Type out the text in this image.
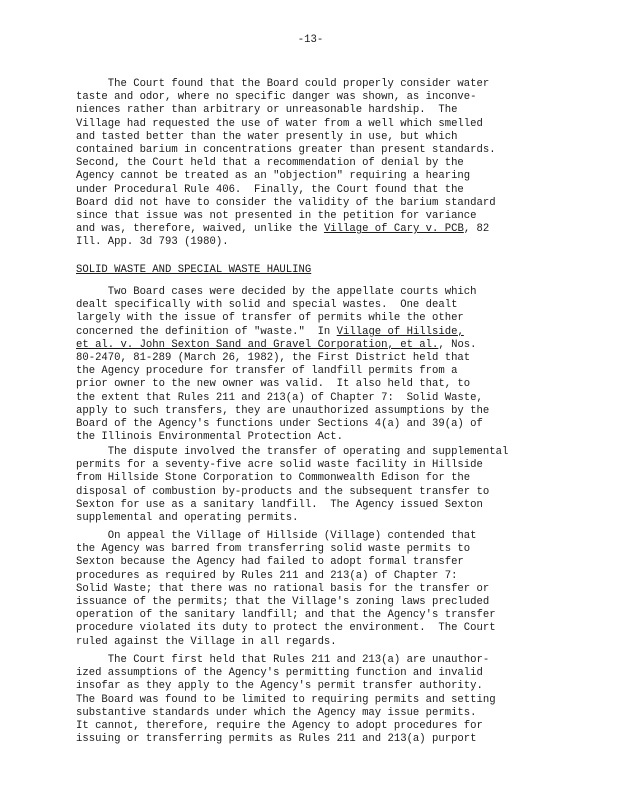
-13-
The Court found that the Board could properly consider water
taste and odor, where no specific danger was shown, as inconve-
niences rather than arbitrary or unreasonable hardship.  The
Village had requested the use of water from a well which smelled
and tasted better than the water presently in use, but which
contained barium in concentrations greater than present standards.
Second, the Court held that a recommendation of denial by the
Agency cannot be treated as an "objection" requiring a hearing
under Procedural Rule 406.  Finally, the Court found that the
Board did not have to consider the validity of the barium standard
since that issue was not presented in the petition for variance
and was, therefore, waived, unlike the Village of Cary v. PCB, 82
Ill. App. 3d 793 (1980).
SOLID WASTE AND SPECIAL WASTE HAULING
Two Board cases were decided by the appellate courts which
dealt specifically with solid and special wastes.  One dealt
largely with the issue of transfer of permits while the other
concerned the definition of "waste."  In Village of Hillside,
et al. v. John Sexton Sand and Gravel Corporation, et al., Nos.
80-2470, 81-289 (March 26, 1982), the First District held that
the Agency procedure for transfer of landfill permits from a
prior owner to the new owner was valid.  It also held that, to
the extent that Rules 211 and 213(a) of Chapter 7:  Solid Waste,
apply to such transfers, they are unauthorized assumptions by the
Board of the Agency's functions under Sections 4(a) and 39(a) of
the Illinois Environmental Protection Act.
The dispute involved the transfer of operating and supplemental
permits for a seventy-five acre solid waste facility in Hillside
from Hillside Stone Corporation to Commonwealth Edison for the
disposal of combustion by-products and the subsequent transfer to
Sexton for use as a sanitary landfill.  The Agency issued Sexton
supplemental and operating permits.
On appeal the Village of Hillside (Village) contended that
the Agency was barred from transferring solid waste permits to
Sexton because the Agency had failed to adopt formal transfer
procedures as required by Rules 211 and 213(a) of Chapter 7:
Solid Waste; that there was no rational basis for the transfer or
issuance of the permits; that the Village's zoning laws precluded
operation of the sanitary landfill; and that the Agency's transfer
procedure violated its duty to protect the environment.  The Court
ruled against the Village in all regards.
The Court first held that Rules 211 and 213(a) are unauthor-
ized assumptions of the Agency's permitting function and invalid
insofar as they apply to the Agency's permit transfer authority.
The Board was found to be limited to requiring permits and setting
substantive standards under which the Agency may issue permits.
It cannot, therefore, require the Agency to adopt procedures for
issuing or transferring permits as Rules 211 and 213(a) purport
